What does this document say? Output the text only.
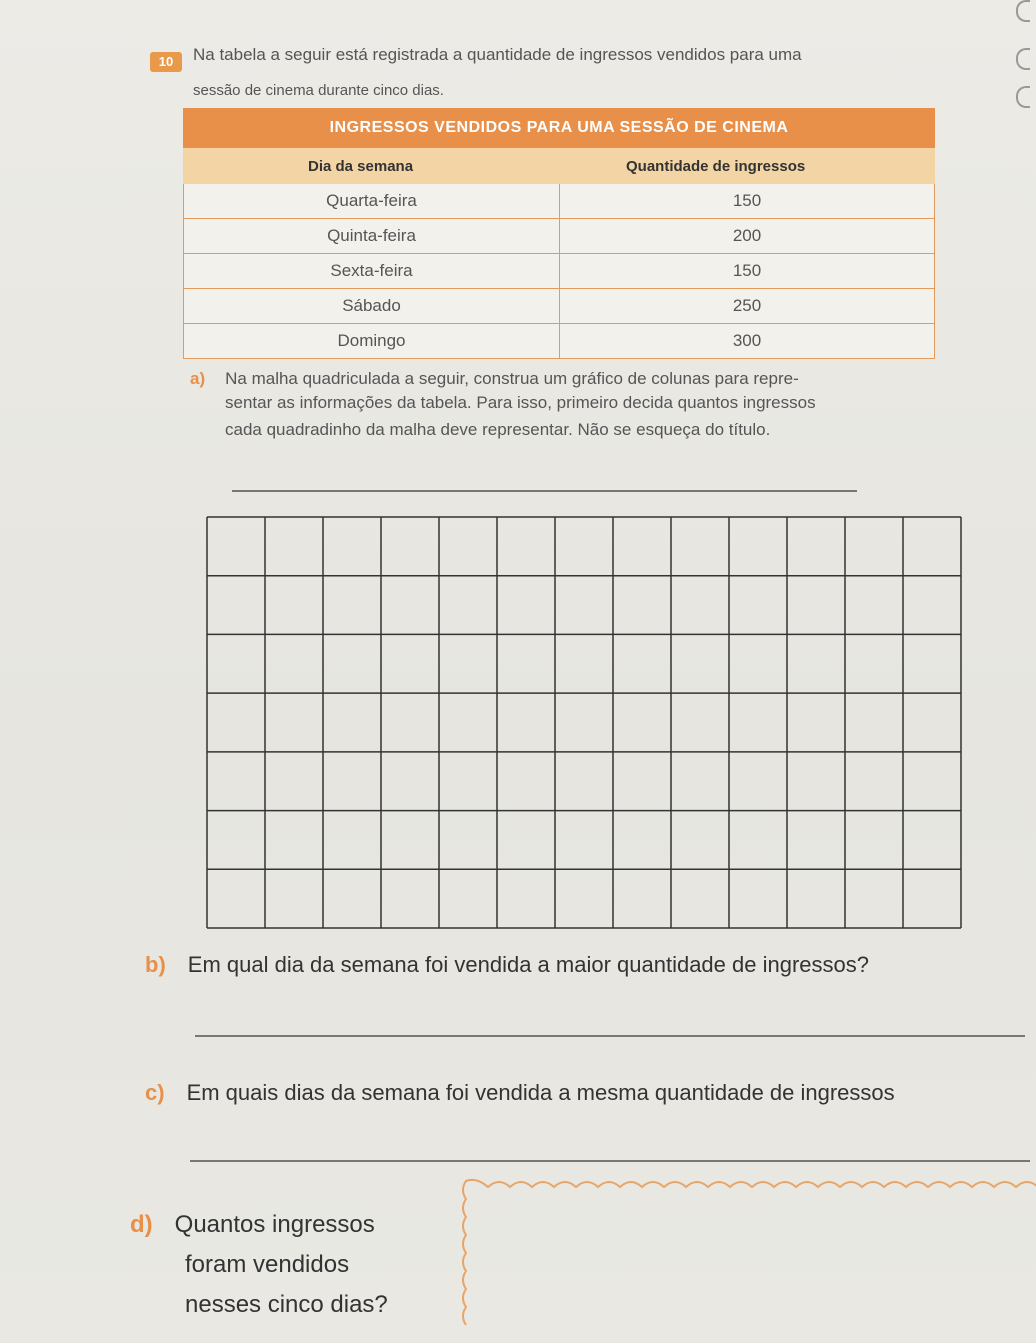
10	Na tabela a seguir está registrada a quantidade de ingressos vendidos para uma
sessão de cinema durante cinco dias.
INGRESSOS VENDIDOS PARA UMA SESSÃO DE CINEMA
Dia da semana	Quantidade de ingressos
Quarta-feira	150
Quinta-feira	200
Sexta-feira	150
Sábado	250
Domingo	300
a) Na malha quadriculada a seguir, construa um gráfico de colunas para repre-
sentar as informações da tabela. Para isso, primeiro decida quantos ingressos
cada quadradinho da malha deve representar. Não se esqueça do título.
b) Em qual dia da semana foi vendida a maior quantidade de ingressos?
c) Em quais dias da semana foi vendida a mesma quantidade de ingressos
d) Quantos ingressos
foram vendidos
nesses cinco dias?
